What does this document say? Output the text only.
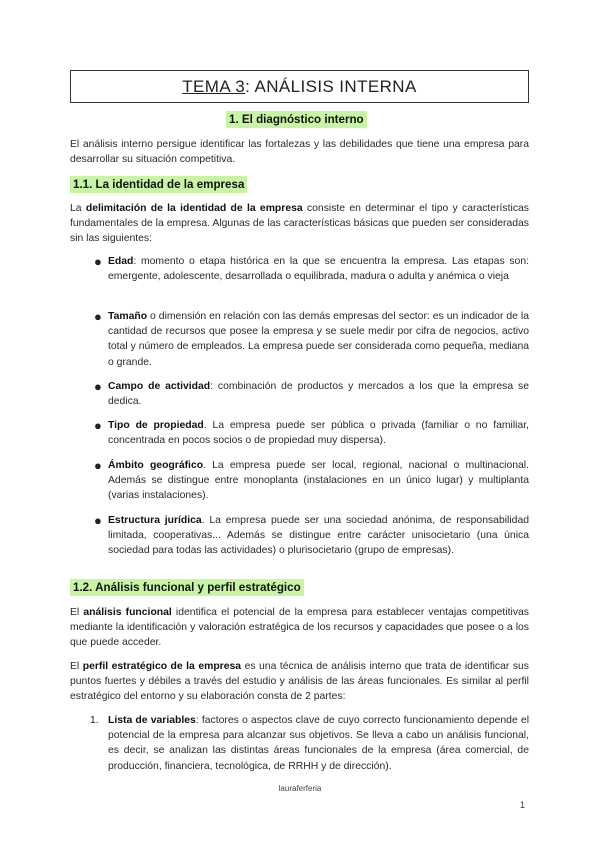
TEMA 3 : ANÁLISIS INTERNA
1. El diagnóstico interno
El análisis interno persigue identificar las fortalezas y las debilidades que tiene una empresa para desarrollar su situación competitiva.
1.1. La identidad de la empresa
La delimitación de la identidad de la empresa consiste en determinar el tipo y características fundamentales de la empresa. Algunas de las características básicas que pueden ser consideradas sin las siguientes:
● Edad: momento o etapa histórica en la que se encuentra la empresa. Las etapas son: emergente, adolescente, desarrollada o equilibrada, madura o adulta y anémica o vieja
● Tamaño o dimensión en relación con las demás empresas del sector: es un indicador de la cantidad de recursos que posee la empresa y se suele medir por cifra de negocios, activo total y número de empleados. La empresa puede ser considerada como pequeña, mediana o grande.
● Campo de actividad: combinación de productos y mercados a los que la empresa se dedica.
● Tipo de propiedad. La empresa puede ser pública o privada (familiar o no familiar, concentrada en pocos socios o de propiedad muy dispersa).
● Ámbito geográfico. La empresa puede ser local, regional, nacional o multinacional. Además se distingue entre monoplanta (instalaciones en un único lugar) y multiplanta (varias instalaciones).
● Estructura jurídica. La empresa puede ser una sociedad anónima, de responsabilidad limitada, cooperativas... Además se distingue entre carácter unisocietario (una única sociedad para todas las actividades) o plurisocietario (grupo de empresas).
1.2. Análisis funcional y perfil estratégico
El análisis funcional identifica el potencial de la empresa para establecer ventajas competitivas mediante la identificación y valoración estratégica de los recursos y capacidades que posee o a los que puede acceder.
El perfil estratégico de la empresa es una técnica de análisis interno que trata de identificar sus puntos fuertes y débiles a través del estudio y análisis de las áreas funcionales. Es similar al perfil estratégico del entorno y su elaboración consta de 2 partes:
1. Lista de variables: factores o aspectos clave de cuyo correcto funcionamiento depende el potencial de la empresa para alcanzar sus objetivos. Se lleva a cabo un análisis funcional, es decir, se analizan las distintas áreas funcionales de la empresa (área comercial, de producción, financiera, tecnológica, de RRHH y de dirección).
lauraferferia
1
